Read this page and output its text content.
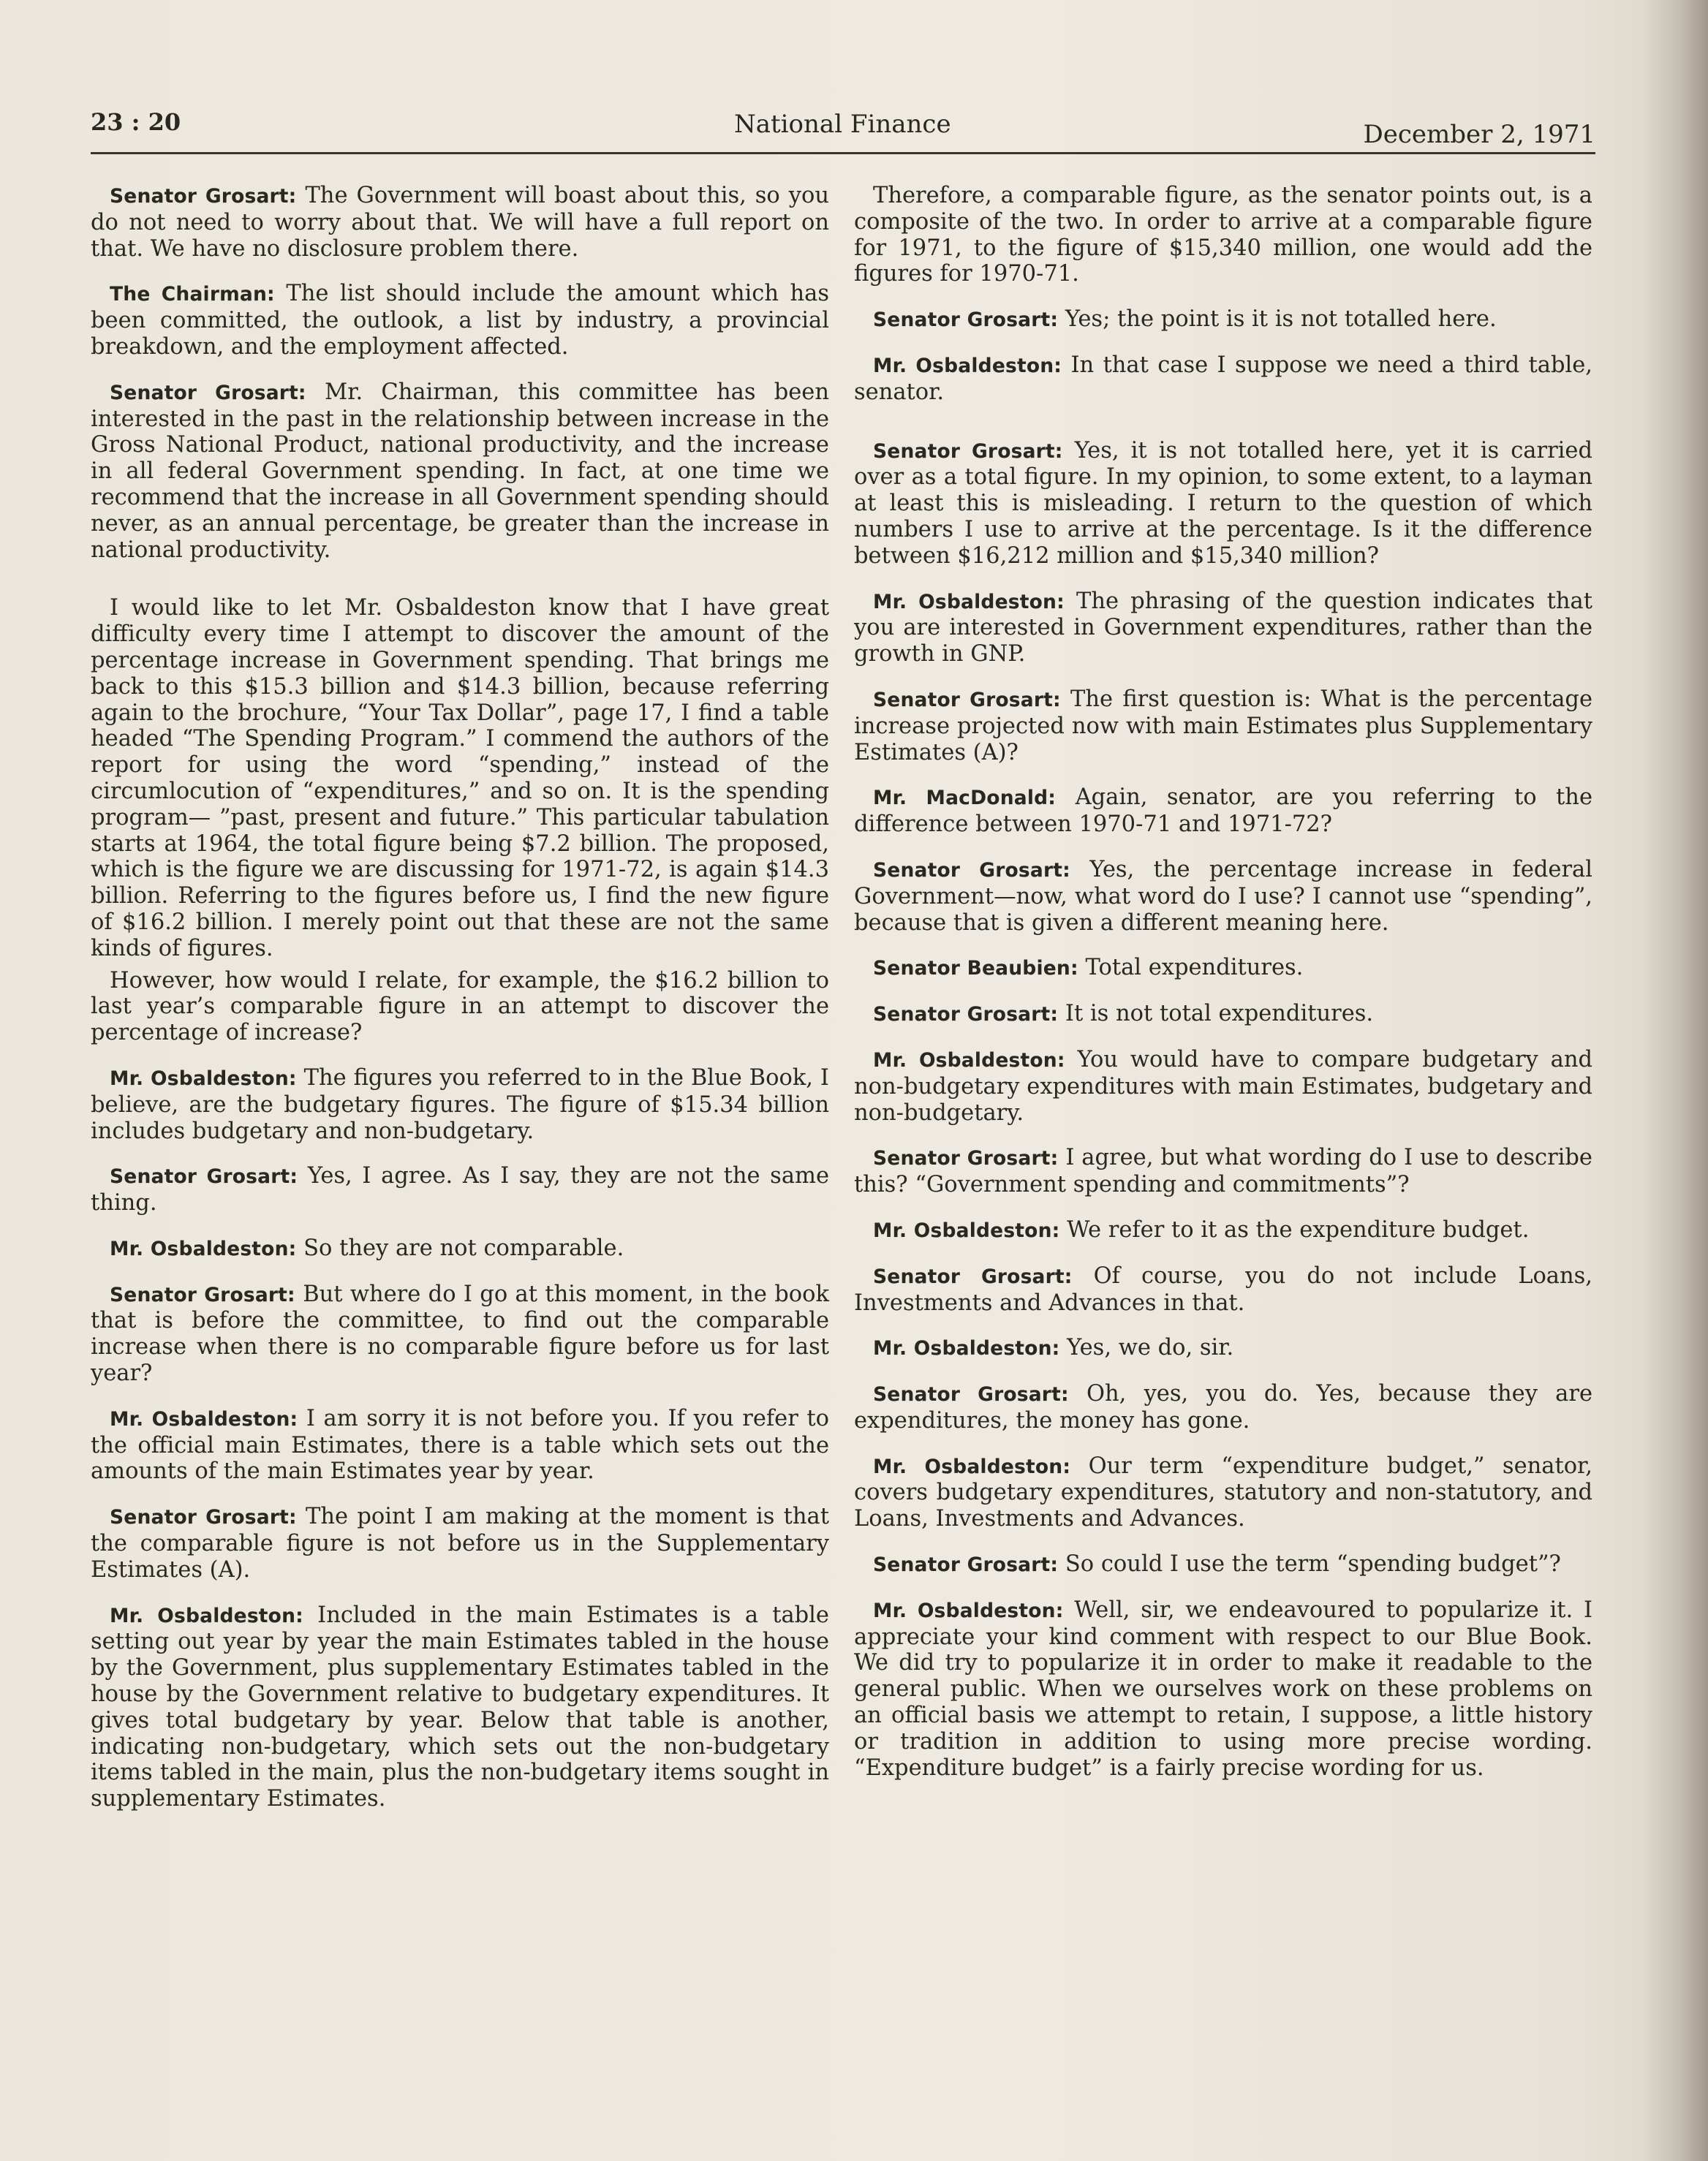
23 : 20	National Finance	December 2, 1971

Senator Grosart: The Government will boast about this, so you do not need to worry about that. We will have a full report on that. We have no disclosure problem there.

The Chairman: The list should include the amount which has been committed, the outlook, a list by industry, a provincial breakdown, and the employment affected.

Senator Grosart: Mr. Chairman, this committee has been interested in the past in the relationship between increase in the Gross National Product, national productivity, and the increase in all federal Government spending. In fact, at one time we recommend that the increase in all Government spending should never, as an annual percentage, be greater than the increase in national productivity.

I would like to let Mr. Osbaldeston know that I have great difficulty every time I attempt to discover the amount of the percentage increase in Government spending. That brings me back to this $15.3 billion and $14.3 billion, because referring again to the brochure, “Your Tax Dollar”, page 17, I find a table headed “The Spending Program.” I commend the authors of the report for using the word “spending,” instead of the circumlocution of “expenditures,” and so on. It is the spending program— ”past, present and future.” This particular tabulation starts at 1964, the total figure being $7.2 billion. The proposed, which is the figure we are discussing for 1971-72, is again $14.3 billion. Referring to the figures before us, I find the new figure of $16.2 billion. I merely point out that these are not the same kinds of figures.

However, how would I relate, for example, the $16.2 billion to last year’s comparable figure in an attempt to discover the percentage of increase?

Mr. Osbaldeston: The figures you referred to in the Blue Book, I believe, are the budgetary figures. The figure of $15.34 billion includes budgetary and non-budgetary.

Senator Grosart: Yes, I agree. As I say, they are not the same thing.

Mr. Osbaldeston: So they are not comparable.

Senator Grosart: But where do I go at this moment, in the book that is before the committee, to find out the comparable increase when there is no comparable figure before us for last year?

Mr. Osbaldeston: I am sorry it is not before you. If you refer to the official main Estimates, there is a table which sets out the amounts of the main Estimates year by year.

Senator Grosart: The point I am making at the moment is that the comparable figure is not before us in the Supplementary Estimates (A).

Mr. Osbaldeston: Included in the main Estimates is a table setting out year by year the main Estimates tabled in the house by the Government, plus supplementary Estimates tabled in the house by the Government relative to budgetary expenditures. It gives total budgetary by year. Below that table is another, indicating non-budgetary, which sets out the non-budgetary items tabled in the main, plus the non-budgetary items sought in supplementary Estimates.

Therefore, a comparable figure, as the senator points out, is a composite of the two. In order to arrive at a comparable figure for 1971, to the figure of $15,340 million, one would add the figures for 1970-71.

Senator Grosart: Yes; the point is it is not totalled here.

Mr. Osbaldeston: In that case I suppose we need a third table, senator.

Senator Grosart: Yes, it is not totalled here, yet it is carried over as a total figure. In my opinion, to some extent, to a layman at least this is misleading. I return to the question of which numbers I use to arrive at the percentage. Is it the difference between $16,212 million and $15,340 million?

Mr. Osbaldeston: The phrasing of the question indicates that you are interested in Government expenditures, rather than the growth in GNP.

Senator Grosart: The first question is: What is the percentage increase projected now with main Estimates plus Supplementary Estimates (A)?

Mr. MacDonald: Again, senator, are you referring to the difference between 1970-71 and 1971-72?

Senator Grosart: Yes, the percentage increase in federal Government—now, what word do I use? I cannot use “spending”, because that is given a different meaning here.

Senator Beaubien: Total expenditures.

Senator Grosart: It is not total expenditures.

Mr. Osbaldeston: You would have to compare budgetary and non-budgetary expenditures with main Estimates, budgetary and non-budgetary.

Senator Grosart: I agree, but what wording do I use to describe this? “Government spending and commitments”?

Mr. Osbaldeston: We refer to it as the expenditure budget.

Senator Grosart: Of course, you do not include Loans, Investments and Advances in that.

Mr. Osbaldeston: Yes, we do, sir.

Senator Grosart: Oh, yes, you do. Yes, because they are expenditures, the money has gone.

Mr. Osbaldeston: Our term “expenditure budget,” senator, covers budgetary expenditures, statutory and non-statutory, and Loans, Investments and Advances.

Senator Grosart: So could I use the term “spending budget”?

Mr. Osbaldeston: Well, sir, we endeavoured to popularize it. I appreciate your kind comment with respect to our Blue Book. We did try to popularize it in order to make it readable to the general public. When we ourselves work on these problems on an official basis we attempt to retain, I suppose, a little history or tradition in addition to using more precise wording. “Expenditure budget” is a fairly precise wording for us.
